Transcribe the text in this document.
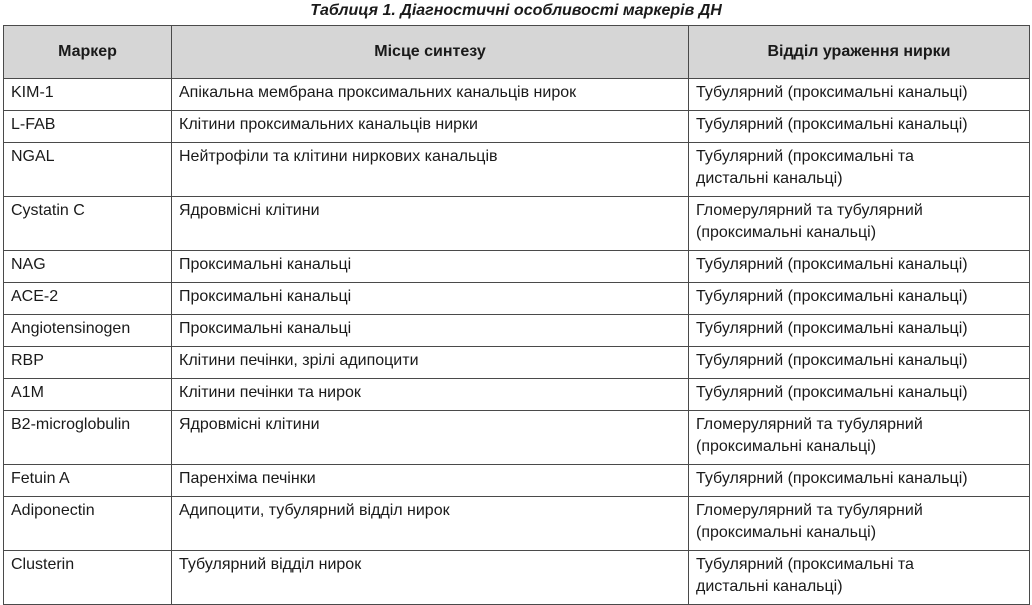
Таблиця 1. Діагностичні особливості маркерів ДН
Маркер	Місце синтезу	Відділ ураження нирки
KIM-1	Апікальна мембрана проксимальних канальців нирок	Тубулярний (проксимальні канальці)
L-FAB	Клітини проксимальних канальців нирки	Тубулярний (проксимальні канальці)
NGAL	Нейтрофіли та клітини ниркових канальців	Тубулярний (проксимальні та
дистальні канальці)
Cystatin C	Ядровмісні клітини	Гломерулярний та тубулярний
(проксимальні канальці)
NAG	Проксимальні канальці	Тубулярний (проксимальні канальці)
ACE-2	Проксимальні канальці	Тубулярний (проксимальні канальці)
Angiotensinogen	Проксимальні канальці	Тубулярний (проксимальні канальці)
RBP	Клітини печінки, зрілі адипоцити	Тубулярний (проксимальні канальці)
A1M	Клітини печінки та нирок	Тубулярний (проксимальні канальці)
B2-microglobulin	Ядровмісні клітини	Гломерулярний та тубулярний
(проксимальні канальці)
Fetuin A	Паренхіма печінки	Тубулярний (проксимальні канальці)
Adiponectin	Адипоцити, тубулярний відділ нирок	Гломерулярний та тубулярний
(проксимальні канальці)
Clusterin	Тубулярний відділ нирок	Тубулярний (проксимальні та
дистальні канальці)
